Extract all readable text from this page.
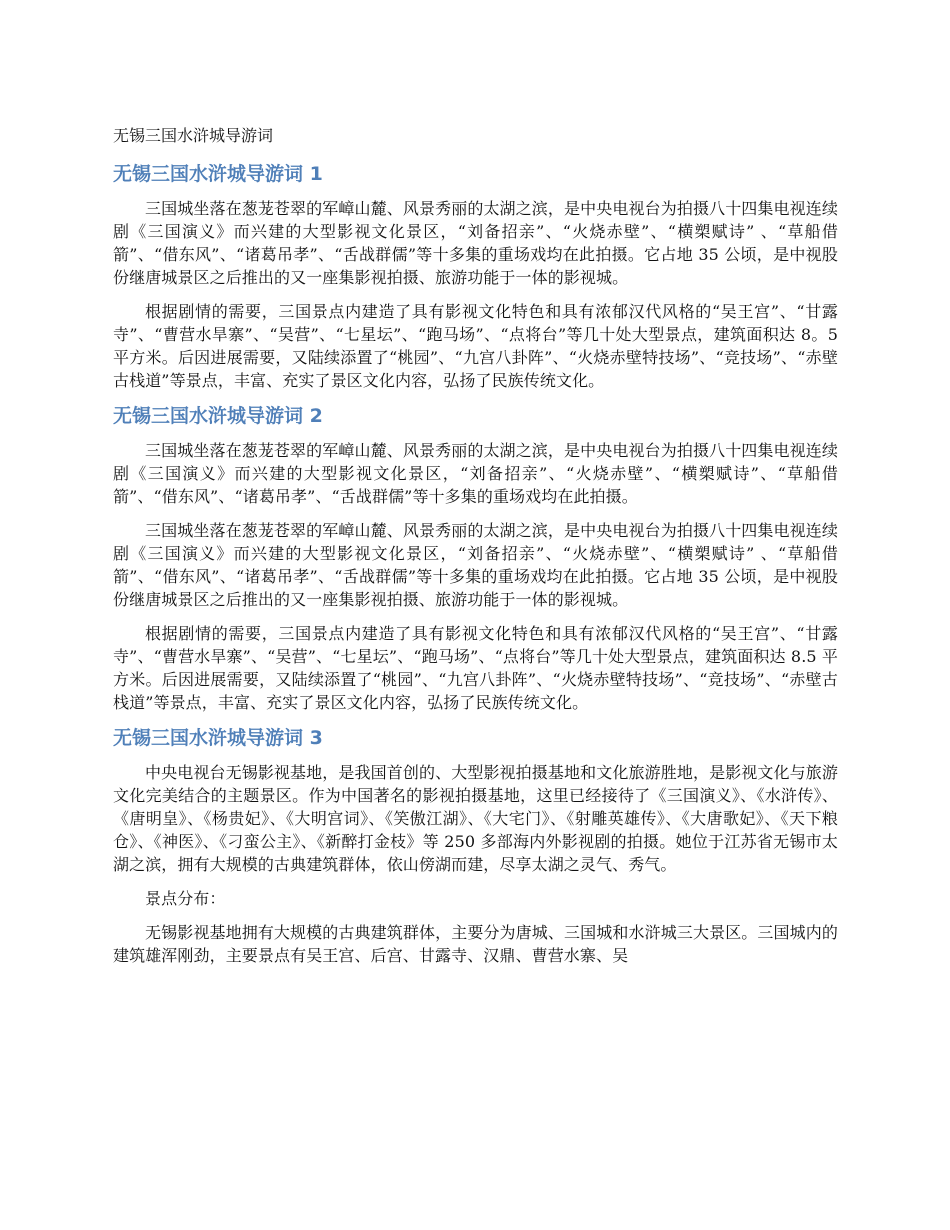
无锡三国水浒城导游词
无锡三国水浒城导游词 1

三国城坐落在葱茏苍翠的军嶂山麓、风景秀丽的太湖之滨，是中央电视台为拍摄八十四集电视连续剧《三国演义》而兴建的大型影视文化景区，“刘备招亲”、“火烧赤壁”、“横槊赋诗” 、“草船借箭”、“借东风”、“诸葛吊孝”、“舌战群儒”等十多集的重场戏均在此拍摄。它占地 35 公顷，是中视股份继唐城景区之后推出的又一座集影视拍摄、旅游功能于一体的影视城。

根据剧情的需要，三国景点内建造了具有影视文化特色和具有浓郁汉代风格的“吴王宫”、“甘露寺”、“曹营水旱寨”、“吴营”、“七星坛”、“跑马场”、“点将台”等几十处大型景点，建筑面积达 8。5 平方米。后因进展需要，又陆续添置了“桃园”、“九宫八卦阵”、“火烧赤壁特技场”、“竞技场”、“赤壁古栈道”等景点，丰富、充实了景区文化内容，弘扬了民族传统文化。

无锡三国水浒城导游词 2

三国城坐落在葱茏苍翠的军嶂山麓、风景秀丽的太湖之滨，是中央电视台为拍摄八十四集电视连续剧《三国演义》而兴建的大型影视文化景区，“刘备招亲”、“火烧赤壁”、“横槊赋诗”、“草船借箭”、“借东风”、“诸葛吊孝”、“舌战群儒”等十多集的重场戏均在此拍摄。

三国城坐落在葱茏苍翠的军嶂山麓、风景秀丽的太湖之滨，是中央电视台为拍摄八十四集电视连续剧《三国演义》而兴建的大型影视文化景区，“刘备招亲”、“火烧赤壁”、“横槊赋诗” 、“草船借箭”、“借东风”、“诸葛吊孝”、“舌战群儒”等十多集的重场戏均在此拍摄。它占地 35 公顷，是中视股份继唐城景区之后推出的又一座集影视拍摄、旅游功能于一体的影视城。

根据剧情的需要，三国景点内建造了具有影视文化特色和具有浓郁汉代风格的“吴王宫”、“甘露寺”、“曹营水旱寨”、“吴营”、“七星坛”、“跑马场”、“点将台”等几十处大型景点，建筑面积达 8.5 平方米。后因进展需要，又陆续添置了“桃园”、“九宫八卦阵”、“火烧赤壁特技场”、“竞技场”、“赤壁古栈道”等景点，丰富、充实了景区文化内容，弘扬了民族传统文化。

无锡三国水浒城导游词 3

中央电视台无锡影视基地，是我国首创的、大型影视拍摄基地和文化旅游胜地，是影视文化与旅游文化完美结合的主题景区。作为中国著名的影视拍摄基地，这里已经接待了《三国演义》、《水浒传》、《唐明皇》、《杨贵妃》、《大明宫词》、《笑傲江湖》、《大宅门》、《射雕英雄传》、《大唐歌妃》、《天下粮仓》、《神医》、《刁蛮公主》、《新醉打金枝》等 250 多部海内外影视剧的拍摄。她位于江苏省无锡市太湖之滨，拥有大规模的古典建筑群体，依山傍湖而建，尽享太湖之灵气、秀气。

景点分布：

无锡影视基地拥有大规模的古典建筑群体，主要分为唐城、三国城和水浒城三大景区。三国城内的建筑雄浑刚劲，主要景点有吴王宫、后宫、甘露寺、汉鼎、曹营水寨、吴
